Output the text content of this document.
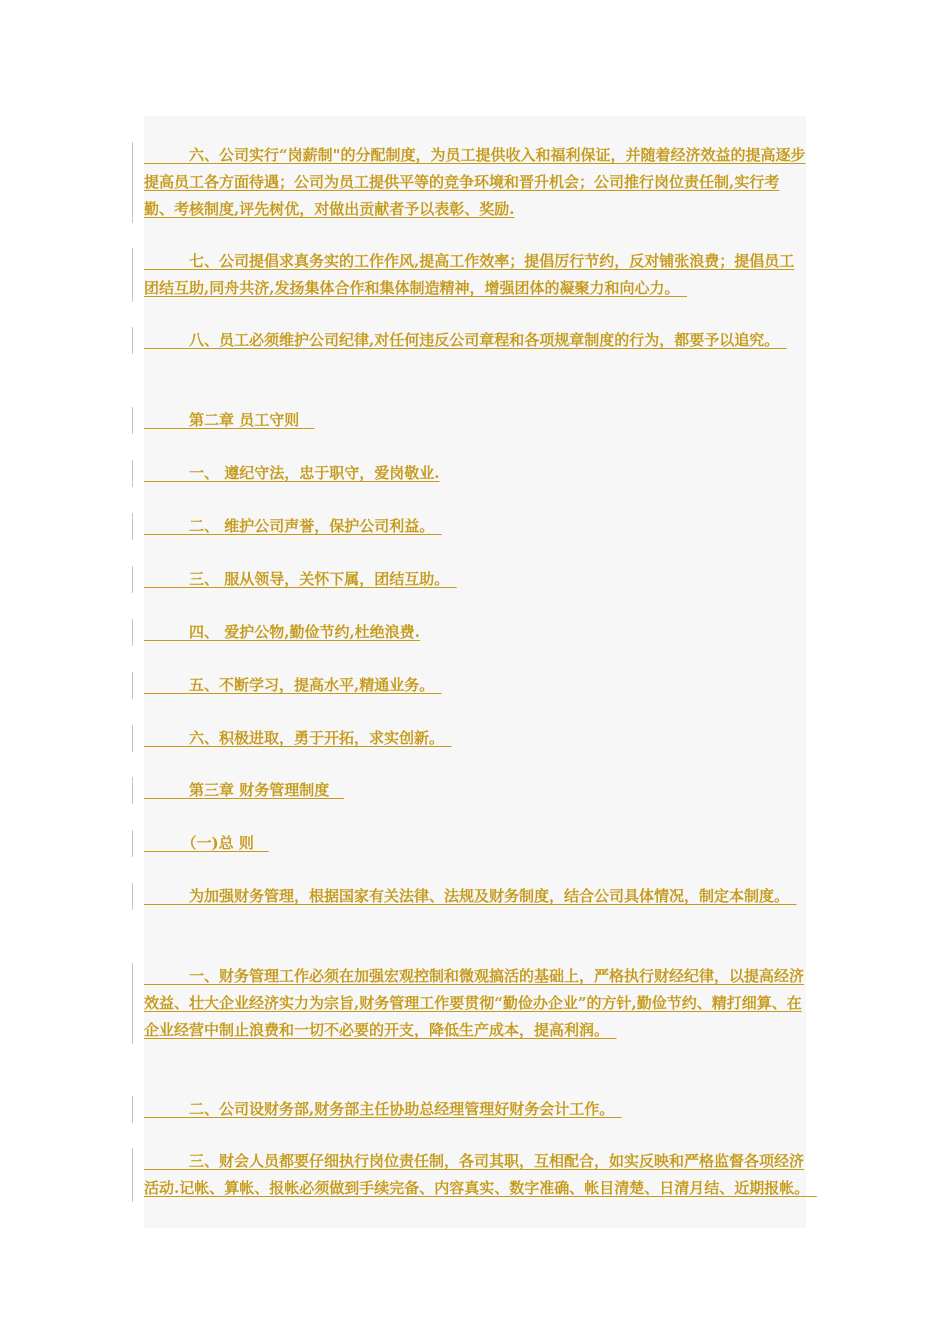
　　　六、公司实行“岗薪制"的分配制度，为员工提供收入和福利保证，并随着经济效益的提高逐步提高员工各方面待遇；公司为员工提供平等的竞争环境和晋升机会；公司推行岗位责任制,实行考勤、考核制度,评先树优，对做出贡献者予以表彰、奖励.
　　　七、公司提倡求真务实的工作作风,提高工作效率；提倡厉行节约，反对铺张浪费；提倡员工团结互助,同舟共济,发扬集体合作和集体制造精神，增强团体的凝聚力和向心力。　
　　　八、员工必须维护公司纪律,对任何违反公司章程和各项规章制度的行为，都要予以追究。　
　　　第二章 员工守则　
　　　一、 遵纪守法，忠于职守，爱岗敬业.
　　　二、 维护公司声誉，保护公司利益。　
　　　三、 服从领导，关怀下属，团结互助。　
　　　四、 爱护公物,勤俭节约,杜绝浪费.
　　　五、不断学习，提高水平,精通业务。　
　　　六、积极进取，勇于开拓，求实创新。　
　　　第三章 财务管理制度　
　　　（一)总 则　
　　　为加强财务管理，根据国家有关法律、法规及财务制度，结合公司具体情况，制定本制度。　
　　　一、财务管理工作必须在加强宏观控制和微观搞活的基础上，严格执行财经纪律，以提高经济效益、壮大企业经济实力为宗旨,财务管理工作要贯彻“勤俭办企业”的方针,勤俭节约、精打细算、在企业经营中制止浪费和一切不必要的开支，降低生产成本，提高利润。　
　　　二、公司设财务部,财务部主任协助总经理管理好财务会计工作。　
　　　三、财会人员都要仔细执行岗位责任制，各司其职，互相配合，如实反映和严格监督各项经济活动.记帐、算帐、报帐必须做到手续完备、内容真实、数字准确、帐目清楚、日清月结、近期报帐。　
